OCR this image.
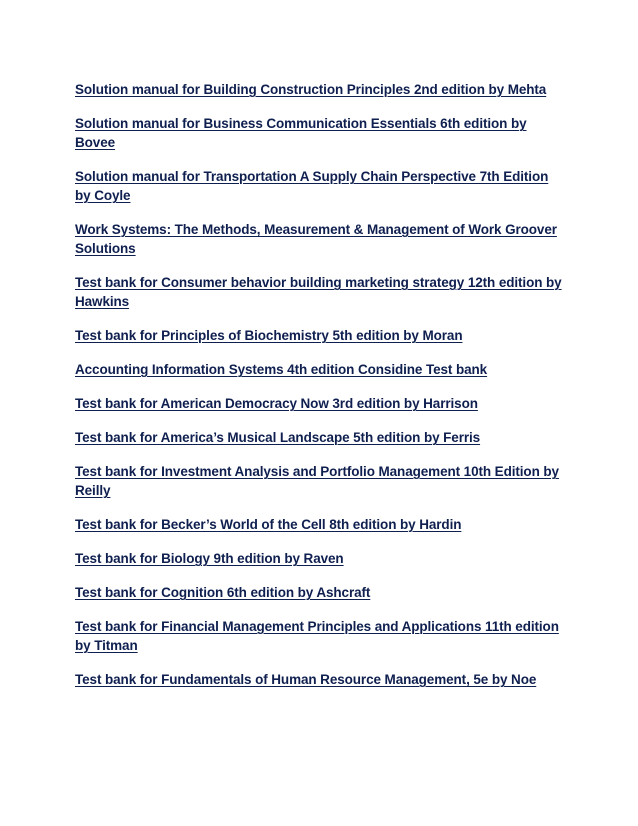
Solution manual for Building Construction Principles 2nd edition by Mehta
Solution manual for Business Communication Essentials 6th edition by Bovee
Solution manual for Transportation A Supply Chain Perspective 7th Edition by Coyle
Work Systems: The Methods, Measurement & Management of Work Groover Solutions
Test bank for Consumer behavior building marketing strategy 12th edition by Hawkins
Test bank for Principles of Biochemistry 5th edition by Moran
Accounting Information Systems 4th edition Considine Test bank
Test bank for American Democracy Now 3rd edition by Harrison
Test bank for America’s Musical Landscape 5th edition by Ferris
Test bank for Investment Analysis and Portfolio Management 10th Edition by Reilly
Test bank for Becker’s World of the Cell 8th edition by Hardin
Test bank for Biology 9th edition by Raven
Test bank for Cognition 6th edition by Ashcraft
Test bank for Financial Management Principles and Applications 11th edition by Titman
Test bank for Fundamentals of Human Resource Management, 5e by Noe
